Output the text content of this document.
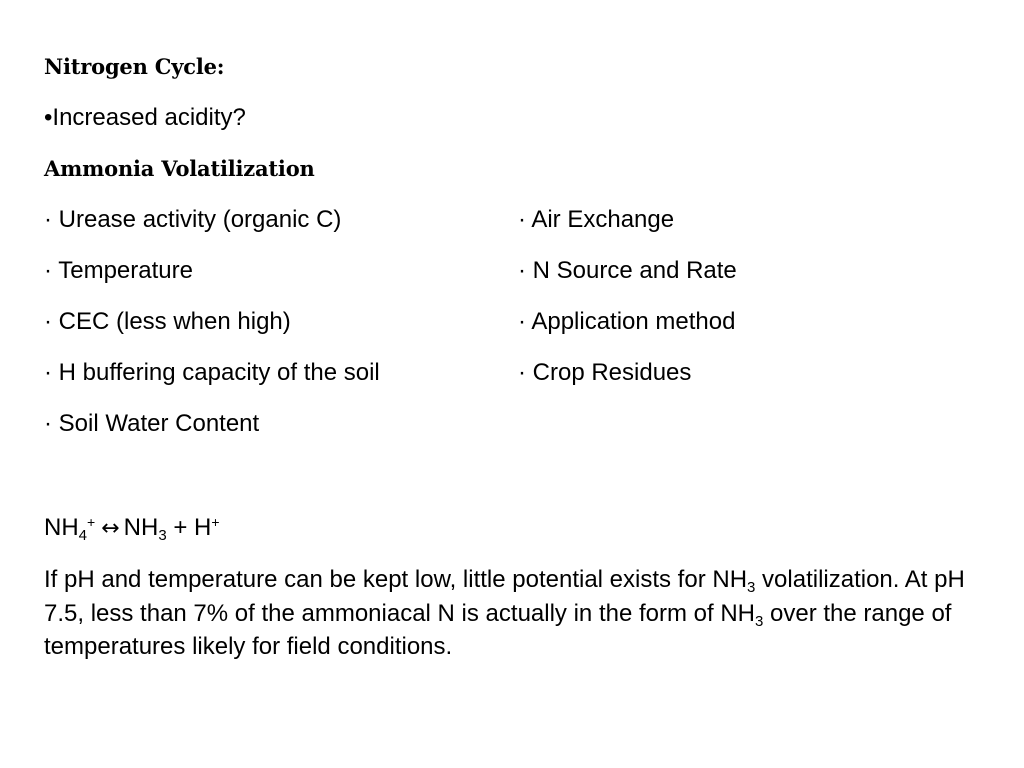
Nitrogen Cycle:
•Increased acidity?
Ammonia Volatilization
· Urease activity (organic C)
· Temperature
· CEC (less when high)
· H buffering capacity of the soil
· Soil Water Content
· Air Exchange
· N Source and Rate
· Application method
· Crop Residues
$NH_4^+$ ↔ $NH_3 + H^+$
If pH and temperature can be kept low, little potential exists for $NH_3$ volatilization. At pH 7.5, less than 7% of the ammoniacal N is actually in the form of $NH_3$ over the range of temperatures likely for field conditions.
